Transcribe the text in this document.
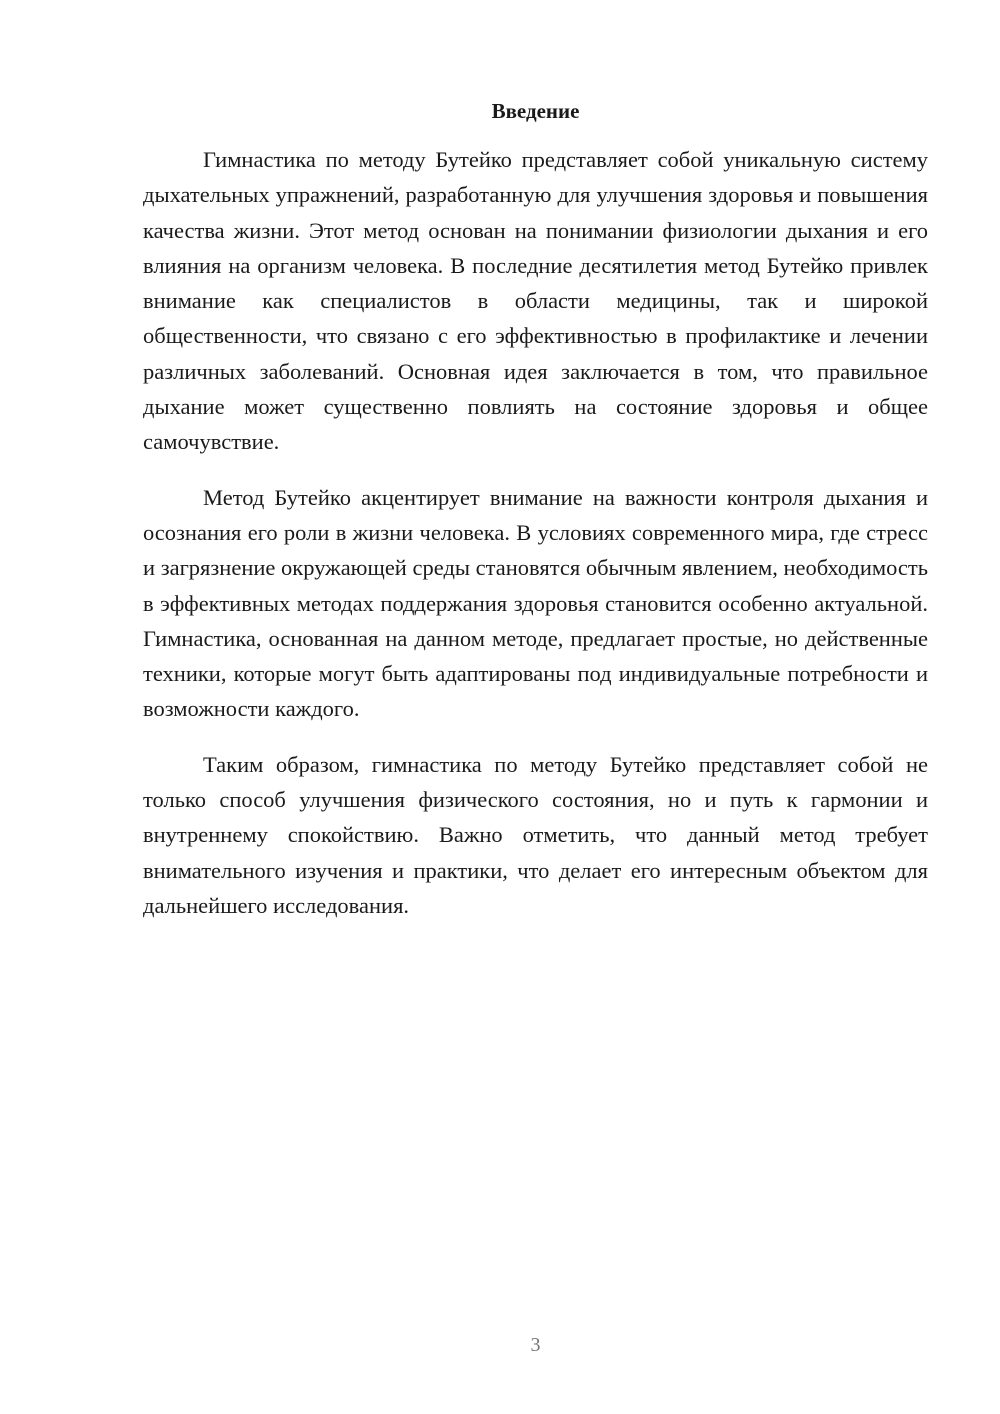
Введение

Гимнастика по методу Бутейко представляет собой уникальную систему дыхательных упражнений, разработанную для улучшения здоровья и повышения качества жизни. Этот метод основан на понимании физиологии дыхания и его влияния на организм человека. В последние десятилетия метод Бутейко привлек внимание как специалистов в области медицины, так и широкой общественности, что связано с его эффективностью в профилактике и лечении различных заболеваний. Основная идея заключается в том, что правильное дыхание может существенно повлиять на состояние здоровья и общее самочувствие.

Метод Бутейко акцентирует внимание на важности контроля дыхания и осознания его роли в жизни человека. В условиях современного мира, где стресс и загрязнение окружающей среды становятся обычным явлением, необходимость в эффективных методах поддержания здоровья становится особенно актуальной. Гимнастика, основанная на данном методе, предлагает простые, но действенные техники, которые могут быть адаптированы под индивидуальные потребности и возможности каждого.

Таким образом, гимнастика по методу Бутейко представляет собой не только способ улучшения физического состояния, но и путь к гармонии и внутреннему спокойствию. Важно отметить, что данный метод требует внимательного изучения и практики, что делает его интересным объектом для дальнейшего исследования.

3
